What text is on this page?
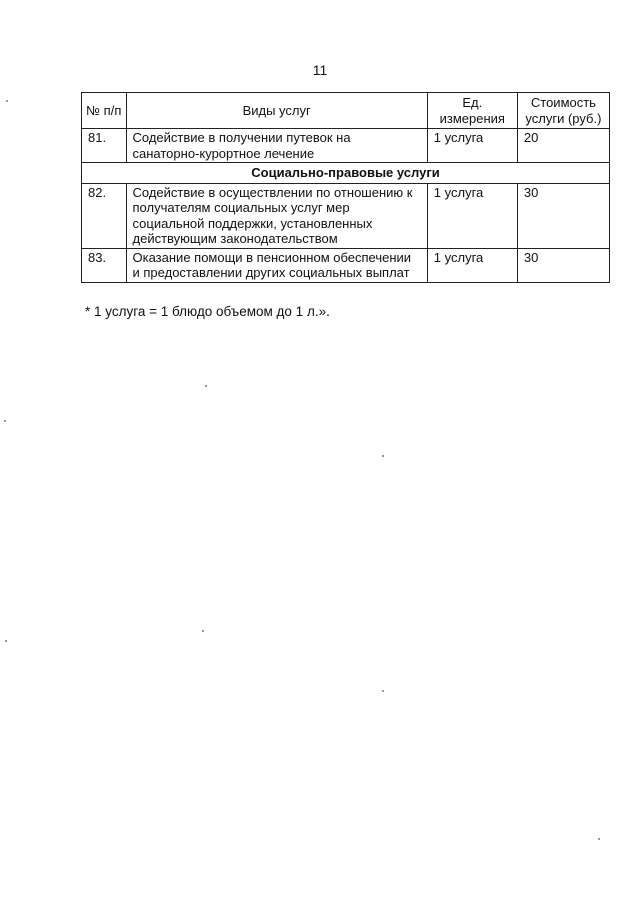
11
№ п/п	Виды услуг	Ед. измерения	Стоимость услуги (руб.)
81.	Содействие в получении путевок на санаторно-курортное лечение	1 услуга	20
Социально-правовые услуги			
82.	Содействие в осуществлении по отношению к получателям социальных услуг мер социальной поддержки, установленных действующим законодательством	1 услуга	30
83.	Оказание помощи в пенсионном обеспечении и предоставлении других социальных выплат	1 услуга	30
* 1 услуга = 1 блюдо объемом до 1 л.».
